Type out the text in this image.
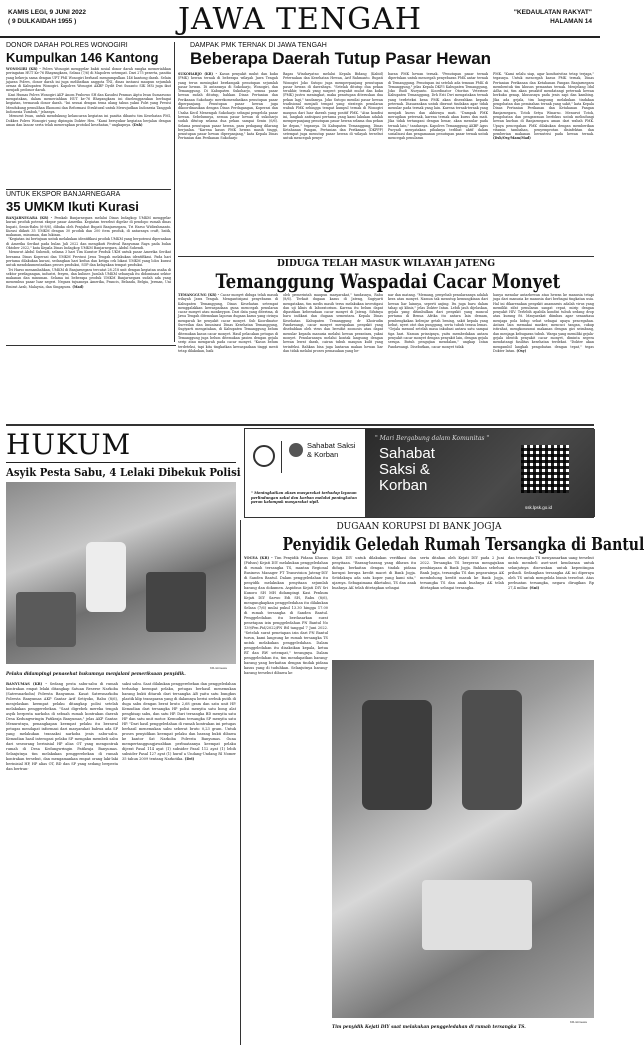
KAMIS LEGI, 9 JUNI 2022
( 9 DULKAIDAH 1955 )	JAWA TENGAH	"KEDAULATAN RAKYAT"
HALAMAN 14
DONOR DARAH POLRES WONOGIRI
Kumpulkan 146 Kantong
WONOGIRI (KR) - Polres Wonogiri menggelar bakti sosial donor darah rangka memeriahkan peringatan HUT Ke-76 Bhayangkara, Selasa (7/6) di Mapolres setempat. Dari 275 peserta, panitia yang bekerja sama dengan UPT PMI Wonogiri berhasil mengumpulkan 146 kantong darah. Selain jajaran Polres, donor darah ini juga melibatkan anggota TNI, dinas instansi maupun sejumlah ormas di Kabupaten Wonogiri. Kapolres Wonogiri AKBP Dydit Dwi Susanto SIK MSi juga ikut menjadi pedonor darah.
Kasi Humas Polres Wonogiri AKP Anom Prabowo SH dan Kasubsi Penmas Aiptu Iwan Sumarsono mengatakan, dalam memeriahkan HUT ke-76 Bhayangkara ini diselenggarakan berbagai kegiatan, termasuk donor darah. "Ini sesuai dengan tema ulang tahun yakni Polri yang Presisi Mendukung pemulihan Ekonomi dan Reformasi Struktural untuk Mewujudkan Indonesia Tangguh Indonesia Tumbuh," jelasnya.
Menurut Iwan, untuk mendukung kelancaran kegiatan ini panitia dibantu tim Kesehatan PMI, Dokkes Polres Wonogiri yang dipimpin Dokter Hen. "Kami bersyukur kegiatan berjalan dengan aman dan lancar serta telah menerapkan protokol kesehatan," ungkapnya. (Dsh)
UNTUK EKSPOR BANJARNEGARA
35 UMKM Ikuti Kurasi
BANJARNEGARA (KR) - Pemkab Banjarnegara melalui Dinas Indagkop UMKM menggelar kurasi produk potensi ekspor pasar Amerika. Kegiatan tersebut digelar di pendopo rumah dinas bupati, Senin-Rabu (6-8/6), dibuka oleh Penjabat Bupati Banjarnegara, Tri Harso Widirahmanto. Kurasi diikuti 35 UMKM dengan 30 produk dan 200 item produk, di antaranya craft, batik, makanan, minuman, dan lukisan.
"Kegiatan ini bertujuan untuk melakukan identifikasi produk UMKM yang berpotensi diperankan di Amerika Serikat pada bulan Juli 2022 dan mengikuti Festival Banyumas Raya pada bulan Oktober 2022," kata Kepala Dinas Indagkop UMKM Banjarnegara, Abdul Suhendi.
Menurut Abdul Suhendi, selama 3 hari Tim Kurator Produk UKM untuk pasar Amerika Serikat bersama Dinas Koperasi dan UMKM Provinsi Jawa Tengah melakukan identifikasi. Pada hari pertama dilakukan kurasi, sedangkan hari kedua dan ketiga cek lokasi UMKM yang lolos kurasi untuk mendokumentasikan proses produksi, SOP dan kelayakan tempat produksi.
Tri Harso menambahkan, UMKM di Banjarnegara tercatat 28.218 unit dengan kegiatan usaha di sektor perdagangan, industri, fesyen, dan kuliner. Jumlah UMKM sebanyak itu didominasi sektor makanan dan minuman. Selama ini beberapa produk UMKM Banjarnegara sudah ada yang menembus pasar luar negeri. Negara tujuannya Amerika, Prancis, Belanda, Belgia, Jerman, Uni Emirat Arab, Malaysia, dan Singapura. (Mad)
DAMPAK PMK TERNAK DI JAWA TENGAH
Beberapa Daerah Tutup Pasar Hewan
SUKOHARJO (KR) - Kasus penyakit mulut dan kuku (PMK) hewan ternak di beberapa wilayah Jawa Tengah yang terus meningkat berdampak penutupan sejumlah pasar hewan. Di antaranya di Sukoharjo, Wonogiri, dan Temanggung. Di Kabupaten Sukoharjo, semua pasar hewan sudah ditutup, bahkan Dinas Pertanian dan Perikanan Sukoharjo merekomendasikan penutupan pasar diperpanjang. Penutupan pasar hewan juga dikoordinasikan dengan Dinas Perdagangan, Koperasi dan Usaha Kecil Menengah Sukoharjo sebagai pengelola pasar hewan. Sebelumnya, semua pasar hewan di sukoharjo sudah ditutup selama dua pekan sampai Senin (6/6). Selama penutupan pasar hewan, para pedagang dilarang berjualan. "Karena kasus PMK hewan masih tinggi, penutupan pasar hewan diperpanjang," kata Kepala Dinas Pertanian dan Perikanan Sukoharjo
Bagas Windaryatno melalui Kepala Bidang (Kabid) Peternakan dan Kesehatan Hewan, Arif Rahmanto. Bupati Wonogiri Joko Sutopo juga memperpanjang penutupan pasar hewan di daerahnya. "Setelah ditutup dua pekan terakhir, ternak yang suspect penyakit mulut dan kuku (PMK) justru meningkat, maka penutupan diteruskan dua pekan lagi," tandasnya. Joko Sutopo menilai pasar hewan tradisional menjadi tempat yang strategis penularan wabah PMK sehingga tempat kumpul ternak di Wonogiri maupun dari luar daerah yang positif PMK. "Atas kondisi ini, langkah antisipasi pertama yang kami lakukan adalah memperpanjang penutupan pasar hewan selama dua pekan ke depan," tegasnya. Di Kabupaten Temanggung, Dinas Ketahanan Pangan, Pertanian dan Perikanan (DKPPP) setempat juga menutup pasar hewan di wilayah tersebut untuk mencegah penye-
baran PMK hewan ternak. "Penutupan pasar ternak dipertukan untuk mencegah penyebaran PMK antar ternak di Temanggung. Penutupan ini setelah ada temuan PMK di Temanggung," jelas Kepala DKP3 Kabupaten Temanggung, Joko Budi Nuryanto. Koordinator Otoritas Veteriner Kabupaten Temanggung, Drh Esti Dwi mengatakan ternak yang terdeteksi kena PMK akan diserahkan kepada peternak. Diasarankan untuk dirawat tindakan agar tidak menular pada ternak yang lain. Karena ternak-ternak yang menjadi kurus dan akhirnya mati. "Dampak PMK merugikan peternak, karena ternak akan kurus dan mati. Jika tidak tertangani dengan benar, akan menular pada ternak lain," tandasnya. Kapolres Temanggung AKBP Agus Puryadi menyatakan pihaknya terlibat aktif dalam sosialisasi dan pengamanan penutupan pasar ternak untuk mencegah penularan
PMK. "Kami selalu siap, agar kondusivitas tetap terjaga," tegasnya. Untuk mencegah kasus PMK ternak, Dinas Pertanian Perikanan dan Ketahanan Pangan Banjarnegara membentuk tim khusus pemantau ternak. Menjelang Idul Adha ini, tim akan proaktif mendatangi peternak hewan berkuku genap, khususnya pada jenis sapi dan kambing. Jika ada gejala, tim langsung melakukan tindakan pengobatan dan pemisahan ternak yang sakit," kata Kepala Dinas Pertanian Perikanan dan Ketahanan Pangan Banjarnegara, Totok Setya Winarso. Menurut Totok, pengobatan dan pengawasan berfokus untuk melindungi hewan kurban di Banjarnegara aman dari wabah PMK. Upaya pencegahan PMK dilakukan dengan memberikan vitamin tambahan, penyemprotan disinfektan dan pemberian makanan bernutrisi pada hewan ternak. (Dsh/Osy/Mam/Mad)
DIDUGA TELAH MASUK WILAYAH JATENG
Temanggung Waspadai Cacar Monyet
TEMANGGUNG (KR) - Cacar monyet diduga telah masuk wilayah Jawa Tengah. Mengantisipasi penyebaran di Kabupaten Temanggung, Dinas Kesehatan setempat menggalakkan kewaspadaan guna mencegah penularan cacar monyet atau monkeypox. Dari data yang diterima, di Jawa Tengah ditemukan laporan dugaan kasus yang cirinya mengarah ke penyakit cacar monyet. Sub Koordinator Surveilan dan Imunisasi Dinas Kesehatan Temanggung, Sugiyarti mengatakan, di Kabupaten Temanggung belum ditemukan kasus cacar monyet. Hasil pelacakan petugas di Temanggung juga belum ditemukan pasien dengan gejala serip atau mengarah pada cacar monyet. "Kasus belum terdeteksi, tapi kita tingkatkan kewaspadaan tinggi mesti tetap dilakukan, baik
oleh pemerintah maupun masyarakat," tandasnya, Rabu (8/6). Terkait dugaan kasus di Jateng, Sugiyarti mengatakan, tim medis masih terus melakukan investigasi dan uji klinis di laboratorium. Karena itu belum dapat dipastikan keberadaan cacar monyet di Jateng. Sifatnya baru indikasi dan dugaan sementara. Kepala Dinas Kesehatan Kabupaten Temanggung dr Khoirudin Pandawangi, cacar monyet merupakan penyakit yang disebabkan oleh virus dan bersifat zoonosis atau dapat menular kepada manusia melalui hewan perantara, yakni monyet. Penularannya melalui kontak langsung dengan hewan lewat darah, cairan tubuh maupun kulit yang terinfeksi. Bahkan bisa juga lantaran makan hewan liar dan tidak melalui proses pemasakan yang be-
nar dan matang. "Memang, penyebab penularannya adalah kera atau monyet. Namun tak menutup kemungkinan dari hewan liar lainnya, seperti anjing. Itu juga baru dalam tahap uji klinis," jelas Dokter Intan. Lebih jauh dijelaskan, gejala yang ditimbulkan dari penyakit yang muncul pertama di Benua Afrika itu antara lain demam, pembengkakan kelenjar getah bening, sakit kepala yang hebat, nyeri otot dan punggung, serta tubuh terasa lemas. "Gejala menuul setelah masa inkubasi antara satu sampai tiga hari. Namun prinsipnya, yaitu membedakan antara penyakit cacar monyet dengan penyakit lain, dengan gejala serupa. Butuh pengujian mendalam," ungkap Intan Pandawangi. Disebutkan, cacar monyet tidak
hanya menular antarhewan atau hewan ke manusia tetapi juga dari manusia ke manusia dari berbagai tingkatan usia. Hal ini dikarenakan penyakit anamnesis adalah virus yang memiliki sifat penularan sangat cepat, mirip dengan penyakit HIV. Terlebih apabila kondisi tubuh sedang drop atau kurang fit. Masyarakat diimbau agar senantiasa menjaga pola hidup sehat sebagai upaya pencegahan. Antara lain memakai masker, mencuci tangan, cukup istirahat, mengkonsumsi makanan dengan gizi seimbang, dan menjaga kebugaran tubuh. Warga yang memiliki gejala-gejala identik penyakit cacar monyet, diminta segera mendatangi fasilitas kesehatan terdekat. "Dokter akan mengambil langkah pengobatan dengan tepat," tegas Dokter Intan. (Osy)
HUKUM
Asyik Pesta Sabu, 4 Lelaki Dibekuk Polisi
Sahabat Saksi & Korban
" Meningkatkan akses masyarakat terhadap layanan perlindungan saksi dan korban melalui peningkatan peran kelompok masyarakat sipil.
" Mari Bergabung dalam Komunitas "
Sahabat
Saksi &
Korban
ssk.lpsk.go.id
KR-istimewa
Pelaku didampingi penasehat hukumnya menjalani pemeriksaan penyidik.
BANYUMAS (KR) - Sedang pesta sabu-sabu di rumah kontrakan empat lelaki ditangkap Satuan Reserse Narkoba (Satresnarkoba) Polresta Banyumas. Kasat Satresnarkoba Polresta Banyumas AKP Gantar Arif Setiyoko, Rabu (8/6), menjelaskan keempat pelaku ditangkap polisi setelah melakukan penggerebekan. "Saat digrebek mereka tengah asyik berpesta narkoba di sebuah rumah kontrakan daerah Desa Kedungwringin Patikraja Banyumas," jelas AKP Gantar. Menurutnya, penangkapan keempat pelaku itu berawal petugas mendapat informasi dari masyarakat bahwa ada SP yang melakukan transaksi narkoba jenis sabu-sabu. Kemudian hasil interogasi pelaku SP mengaku membeli sabu dari seseorang berinisial HP alias OT yang mengontrak rumah di Desa Kedungwringin Patikraja Banyumas. Selanjutnya tim melakukan penggerebekan di rumah kontrakan tersebut, dan mengamankan empat orang laki-laki berinisial HP, HP alias OT, BD dan SP yang sedang berpesta dan bertran-
saksi sabu. Saat dilakukan penggerebekan dan penggeledahan terhadap keempat pelaku, petugas berhasil menemukan barang bukti ditaruh dari tersangka AB yaitu satu bungkus plastik klip transparan yang di dalamnya berisi serbuk putih di duga sabu dengan berat bruto 2,68 gram dan satu unit HP. Kemudian dari tersangka HP polisi menyita satu bong alat penghisap sabu, dan satu HP. Dari tersangka BD menyita satu HP dan satu unit motor. Kemudian tersangka SP menyita satu HP. "Dari hasil penggeledahan di rumah kontrakan ini petugas berhasil menemukan sabu seberat bruto 0,23 gram. Untuk proses penyidikan keempat pelaku dan barang bukti dibawa ke kantor Sat Narkoba Polresta Banyumas. Guna mempertanggungjawabkan perbuatannya keempat pelaku dijerat Pasal 114 ayat (1) subsider Pasal 112 ayat (1) lebih subsider Pasal 127 ayat (1) huruf a Undang-Undang RI Nomer 35 tahun 2009 tentang Narkotika. (Dri)
DUGAAN KORUPSI DI BANK JOGJA
Penyidik Geledah Rumah Tersangka di Bantul
YOGYA (KR) - Tim Penyidik Pidana Khusus (Pidsus) Kejati DIY melakukan penggeledahan di rumah tersangka TS, mantan Regional Business Manager PT Transvision Jateng-DIY di Sanden Bantul. Dalam penggeledahan itu penyidik melakukan penyitaan sejumlah barang dan dokumen. Aspidsus Kejati DIY Sri Kunoro SH MH didampingi Kasi Penkum Kejati DIY Sarwo Edi SH, Rabu (8/6), mengungkapkan penggeledahan itu dilakukan Selasa (7/6) mulai pukul 13.30 hingga 17.00 di rumah tersangka di Sanden Bantul. Penggeledahan itu berdasarkan surat penetapan izin penggeledahan PN Bantul No 139/Pen.Pid/2022/PN Btl tanggal 7 Juni 2022. "Setelah surat penetapan izin dari PN Bantul turun, kami langsung ke rumah tersangka TS untuk melakukan penggeledahan. Dalam penggeledahan itu disaksikan kepala, ketua RT dan RW setempat," terangnya. Dalam penggeledahan itu, tim mendapatkan barang-barang yang berkaitan dengan tindak pidana kasus yang di tuduhkan. Selanjutnya barang-barang tersebut dibawa ke
Kejati DIY untuk dilakukan verifikasi dan penyitaan. "Barang-barang yang dibawa itu diduga berkaitan dengan tindak pidana korupsi berupa kredit macet di Bank Jogja. Setidaknya ada satu koper yang kami sita," ujarnya. Sebagaimana diketahui, TS dan anak buahnya AK telah ditetapkan sebagai
serta ditahan oleh Kejati DIY pada 2 Juni 2022. Tersangka TS berperan mengajukan pembiayaan di Bank Jogja. Bahkan sebelum Bank Jogja, tersangka TS dan pegawainya AK membohong kredit masuk ke Bank Jogja, tersangka TS dan anak buahnya AK telah ditetapkan sebagai tersangka.
dan tersangka TS menyamarkan uang tersebut untuk membeli aset-aset kendaraan untuk selanjutnya disewakan untuk kepentingan pribadi. Sedangkan tersangka AK ini diperaya oleh TS untuk mengelola bisnis tersebut. Atas perbuatan tersangka, negara dirugikan Rp 27,4 miliar. (Sni)
KR-istimewa
Tim penyidik Kejati DIY saat melakukan penggeledahan di rumah tersangka TS.
